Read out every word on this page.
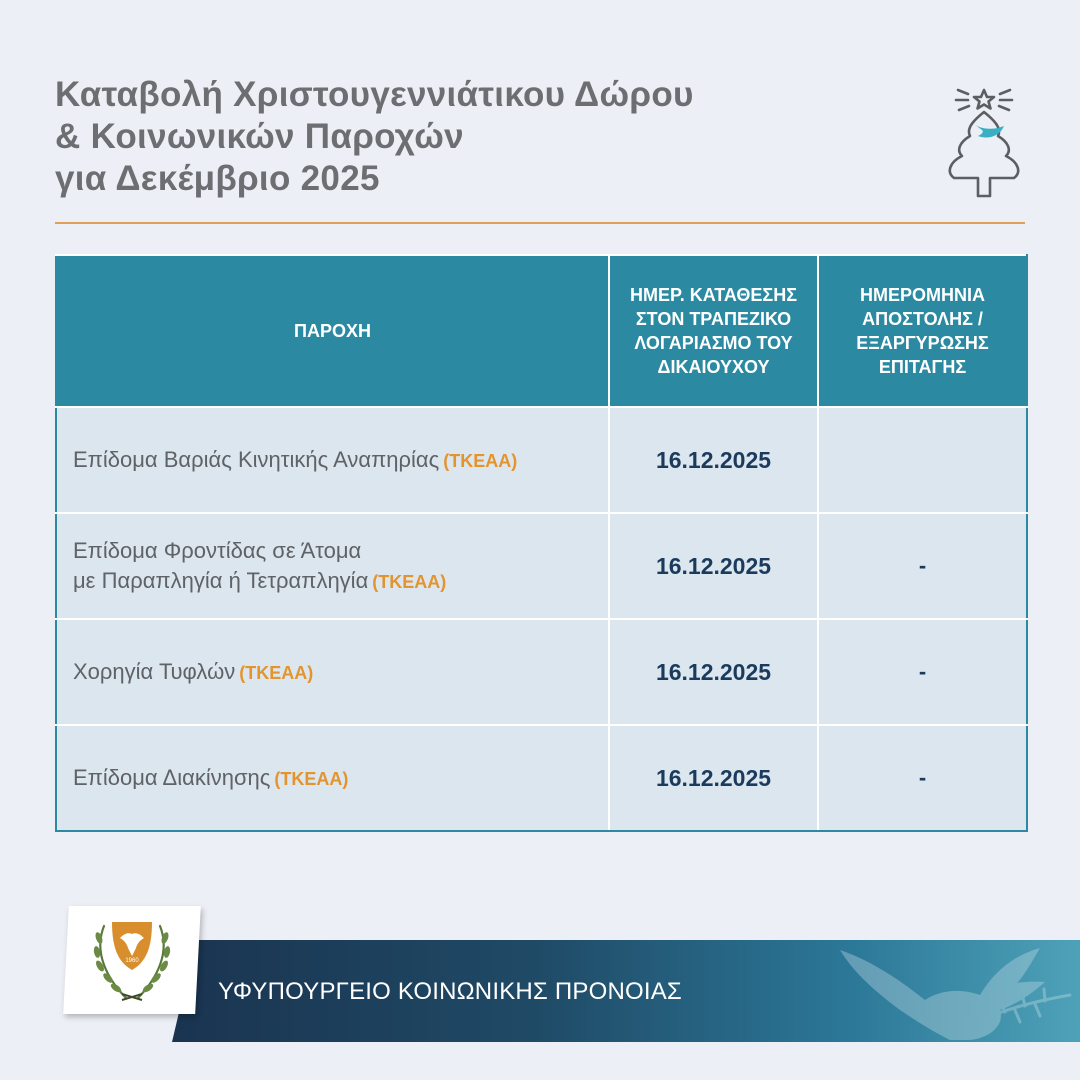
Καταβολή Χριστουγεννιάτικου Δώρου
& Κοινωνικών Παροχών
για Δεκέμβριο 2025
ΠΑΡΟΧΗ	ΗΜΕΡ. ΚΑΤΑΘΕΣΗΣ ΣΤΟΝ ΤΡΑΠΕΖΙΚΟ ΛΟΓΑΡΙΑΣΜΟ ΤΟΥ ΔΙΚΑΙΟΥΧΟΥ	ΗΜΕΡΟΜΗΝΙΑ ΑΠΟΣΤΟΛΗΣ / ΕΞΑΡΓΥΡΩΣΗΣ ΕΠΙΤΑΓΗΣ
Επίδομα Βαριάς Κινητικής Αναπηρίας (ΤΚΕΑΑ)	16.12.2025	
Επίδομα Φροντίδας σε Άτομα
με Παραπληγία ή Τετραπληγία (ΤΚΕΑΑ)	16.12.2025	-
Χορηγία Τυφλών (ΤΚΕΑΑ)	16.12.2025	-
Επίδομα Διακίνησης (ΤΚΕΑΑ)	16.12.2025	-

ΥΦΥΠΟΥΡΓΕΙΟ ΚΟΙΝΩΝΙΚΗΣ ΠΡΟΝΟΙΑΣ

1960
